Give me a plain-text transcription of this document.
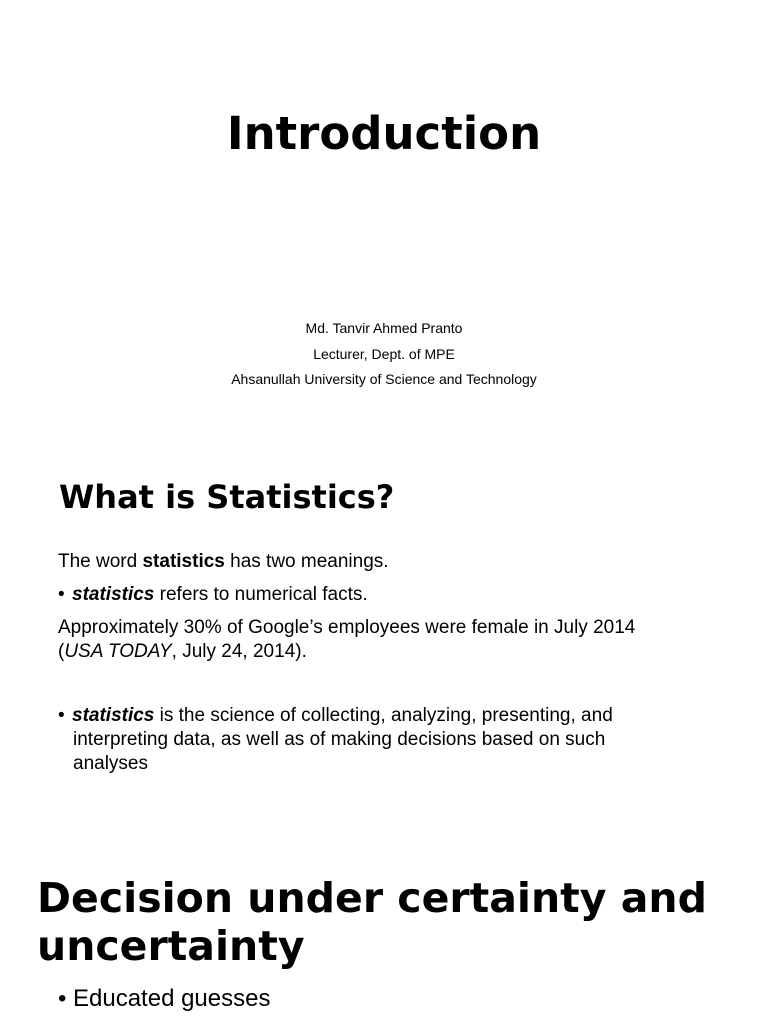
Introduction
Md. Tanvir Ahmed Pranto
Lecturer, Dept. of MPE
Ahsanullah University of Science and Technology
What is Statistics?
The word statistics has two meanings.
• statistics refers to numerical facts.
Approximately 30% of Google’s employees were female in July 2014
(USA TODAY, July 24, 2014).
• statistics is the science of collecting, analyzing, presenting, and
interpreting data, as well as of making decisions based on such
analyses
Decision under certainty and uncertainty
• Educated guesses
